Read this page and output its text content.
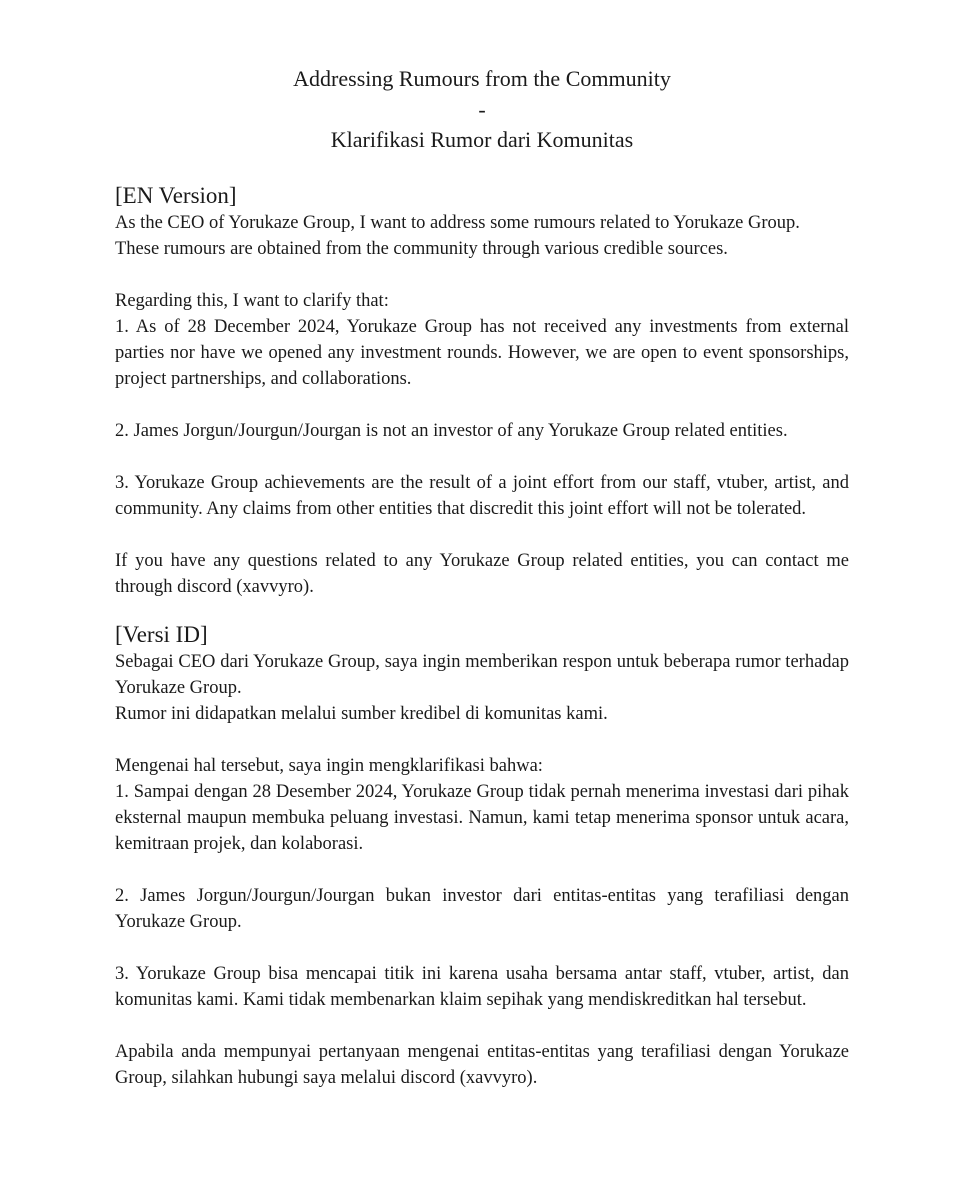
Addressing Rumours from the Community
-
Klarifikasi Rumor dari Komunitas
[EN Version]

As the CEO of Yorukaze Group, I want to address some rumours related to Yorukaze Group.

These rumours are obtained from the community through various credible sources.

Regarding this, I want to clarify that:

1. As of 28 December 2024, Yorukaze Group has not received any investments from external parties nor have we opened any investment rounds. However, we are open to event sponsorships, project partnerships, and collaborations.

2. James Jorgun/Jourgun/Jourgan is not an investor of any Yorukaze Group related entities.

3. Yorukaze Group achievements are the result of a joint effort from our staff, vtuber, artist, and community. Any claims from other entities that discredit this joint effort will not be tolerated.

If you have any questions related to any Yorukaze Group related entities, you can contact me through discord (xavvyro).

[Versi ID]

Sebagai CEO dari Yorukaze Group, saya ingin memberikan respon untuk beberapa rumor terhadap Yorukaze Group.

Rumor ini didapatkan melalui sumber kredibel di komunitas kami.

Mengenai hal tersebut, saya ingin mengklarifikasi bahwa:

1. Sampai dengan 28 Desember 2024, Yorukaze Group tidak pernah menerima investasi dari pihak eksternal maupun membuka peluang investasi. Namun, kami tetap menerima sponsor untuk acara, kemitraan projek, dan kolaborasi.

2. James Jorgun/Jourgun/Jourgan bukan investor dari entitas-entitas yang terafiliasi dengan Yorukaze Group.

3. Yorukaze Group bisa mencapai titik ini karena usaha bersama antar staff, vtuber, artist, dan komunitas kami. Kami tidak membenarkan klaim sepihak yang mendiskreditkan hal tersebut.

Apabila anda mempunyai pertanyaan mengenai entitas-entitas yang terafiliasi dengan Yorukaze Group, silahkan hubungi saya melalui discord (xavvyro).
